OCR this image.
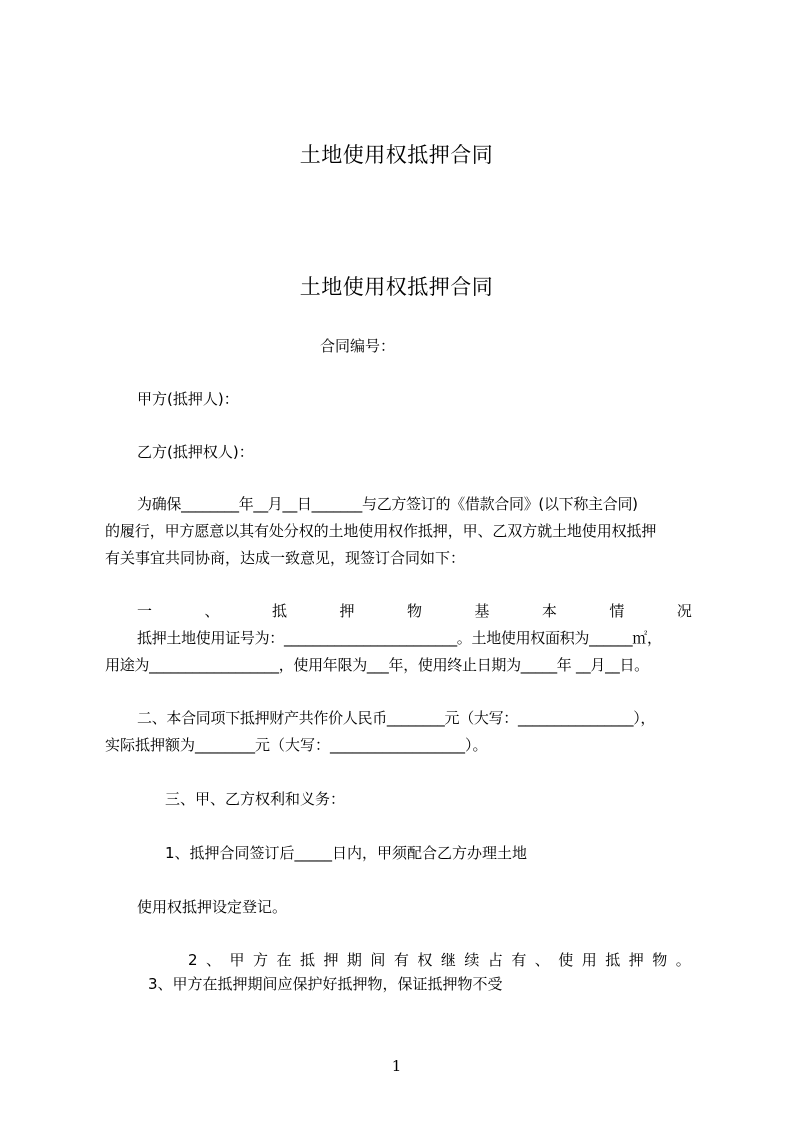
土地使用权抵押合同
土地使用权抵押合同
合同编号：
甲方(抵押人)：
乙方(抵押权人)：
为确保________年__月__日_______与乙方签订的《借款合同》(以下称主合同)
的履行，甲方愿意以其有处分权的土地使用权作抵押，甲、乙双方就土地使用权抵押
有关事宜共同协商，达成一致意见，现签订合同如下：
一	、	抵	押	物	基	本	情	况
抵押土地使用证号为：________________________。土地使用权面积为______㎡，
用途为__________________，使用年限为___年，使用终止日期为_____年 __月__日。
二、本合同项下抵押财产共作价人民币________元（大写：________________），
实际抵押额为________元（大写：__________________）。
三、甲、乙方权利和义务：
1、抵押合同签订后_____日内，甲须配合乙方办理土地
使用权抵押设定登记。
2 、 甲 方 在 抵 押 期 间 有 权 继 续 占 有 、 使 用 抵 押 物 。
3、甲方在抵押期间应保护好抵押物，保证抵押物不受
1
